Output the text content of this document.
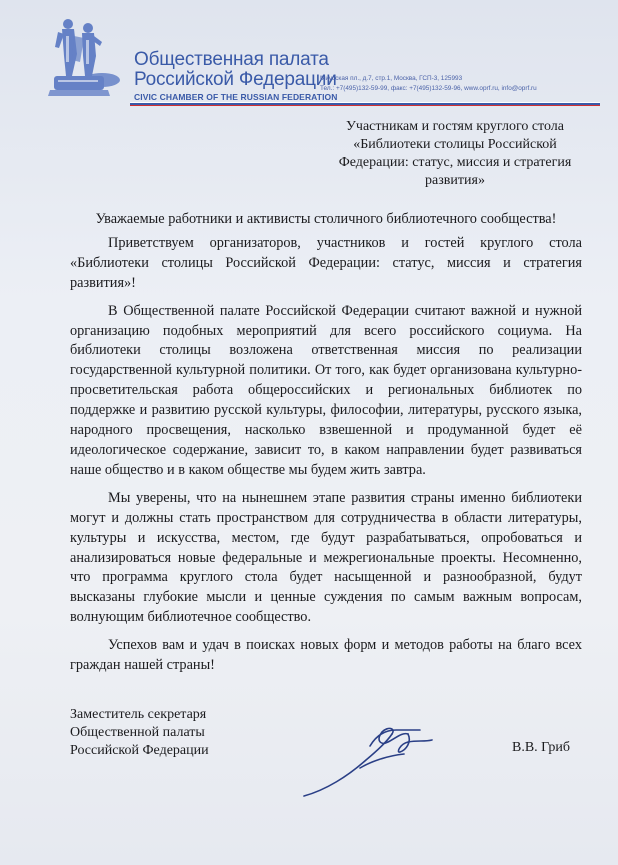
Общественная палата
Российской Федерации
CIVIC CHAMBER OF THE RUSSIAN FEDERATION
Миусская пл., д.7, стр.1, Москва, ГСП-3, 125993
Тел.: +7(495)132-59-99, факс: +7(495)132-59-96, www.oprf.ru, info@oprf.ru
Участникам и гостям круглого стола
«Библиотеки столицы Российской
Федерации: статус, миссия и стратегия
развития»
Уважаемые работники и активисты столичного библиотечного сообщества!

Приветствуем организаторов, участников и гостей круглого стола «Библиотеки столицы Российской Федерации: статус, миссия и стратегия развития»!

В Общественной палате Российской Федерации считают важной и нужной организацию подобных мероприятий для всего российского социума. На библиотеки столицы возложена ответственная миссия по реализации государственной культурной политики. От того, как будет организована культурно-просветительская работа общероссийских и региональных библиотек по поддержке и развитию русской культуры, философии, литературы, русского языка, народного просвещения, насколько взвешенной и продуманной будет её идеологическое содержание, зависит то, в каком направлении будет развиваться наше общество и в каком обществе мы будем жить завтра.

Мы уверены, что на нынешнем этапе развития страны именно библиотеки могут и должны стать пространством для сотрудничества в области литературы, культуры и искусства, местом, где будут разрабатываться, опробоваться и анализироваться новые федеральные и межрегиональные проекты. Несомненно, что программа круглого стола будет насыщенной и разнообразной, будут высказаны глубокие мысли и ценные суждения по самым важным вопросам, волнующим библиотечное сообщество.

Успехов вам и удач в поисках новых форм и методов работы на благо всех граждан нашей страны!

Заместитель секретаря
Общественной палаты
Российской Федерации	В.В. Гриб
